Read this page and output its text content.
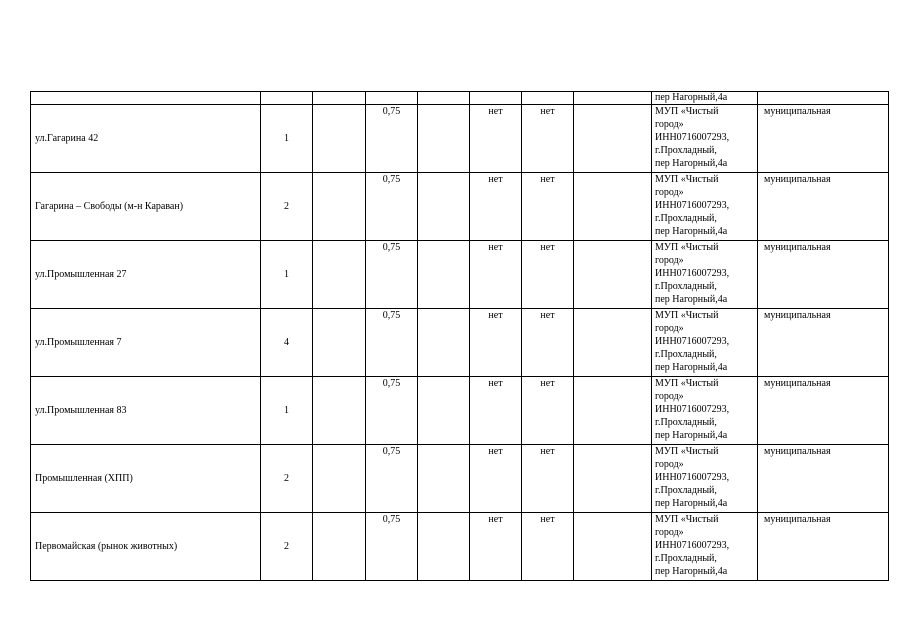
								пер Нагорный,4а	

ул.Гагарина 42	1		0,75		нет	нет		МУП «Чистый
город»
ИНН0716007293,
г.Прохладный,
пер Нагорный,4а	муниципальная
Гагарина – Свободы (м-н Караван)	2		0,75		нет	нет		МУП «Чистый
город»
ИНН0716007293,
г.Прохладный,
пер Нагорный,4а	муниципальная
ул.Промышленная 27	1		0,75		нет	нет		МУП «Чистый
город»
ИНН0716007293,
г.Прохладный,
пер Нагорный,4а	муниципальная
ул.Промышленная 7	4		0,75		нет	нет		МУП «Чистый
город»
ИНН0716007293,
г.Прохладный,
пер Нагорный,4а	муниципальная
ул.Промышленная 83	1		0,75		нет	нет		МУП «Чистый
город»
ИНН0716007293,
г.Прохладный,
пер Нагорный,4а	муниципальная
Промышленная (ХПП)	2		0,75		нет	нет		МУП «Чистый
город»
ИНН0716007293,
г.Прохладный,
пер Нагорный,4а	муниципальная
Первомайская (рынок животных)	2		0,75		нет	нет		МУП «Чистый
город»
ИНН0716007293,
г.Прохладный,
пер Нагорный,4а	муниципальная
